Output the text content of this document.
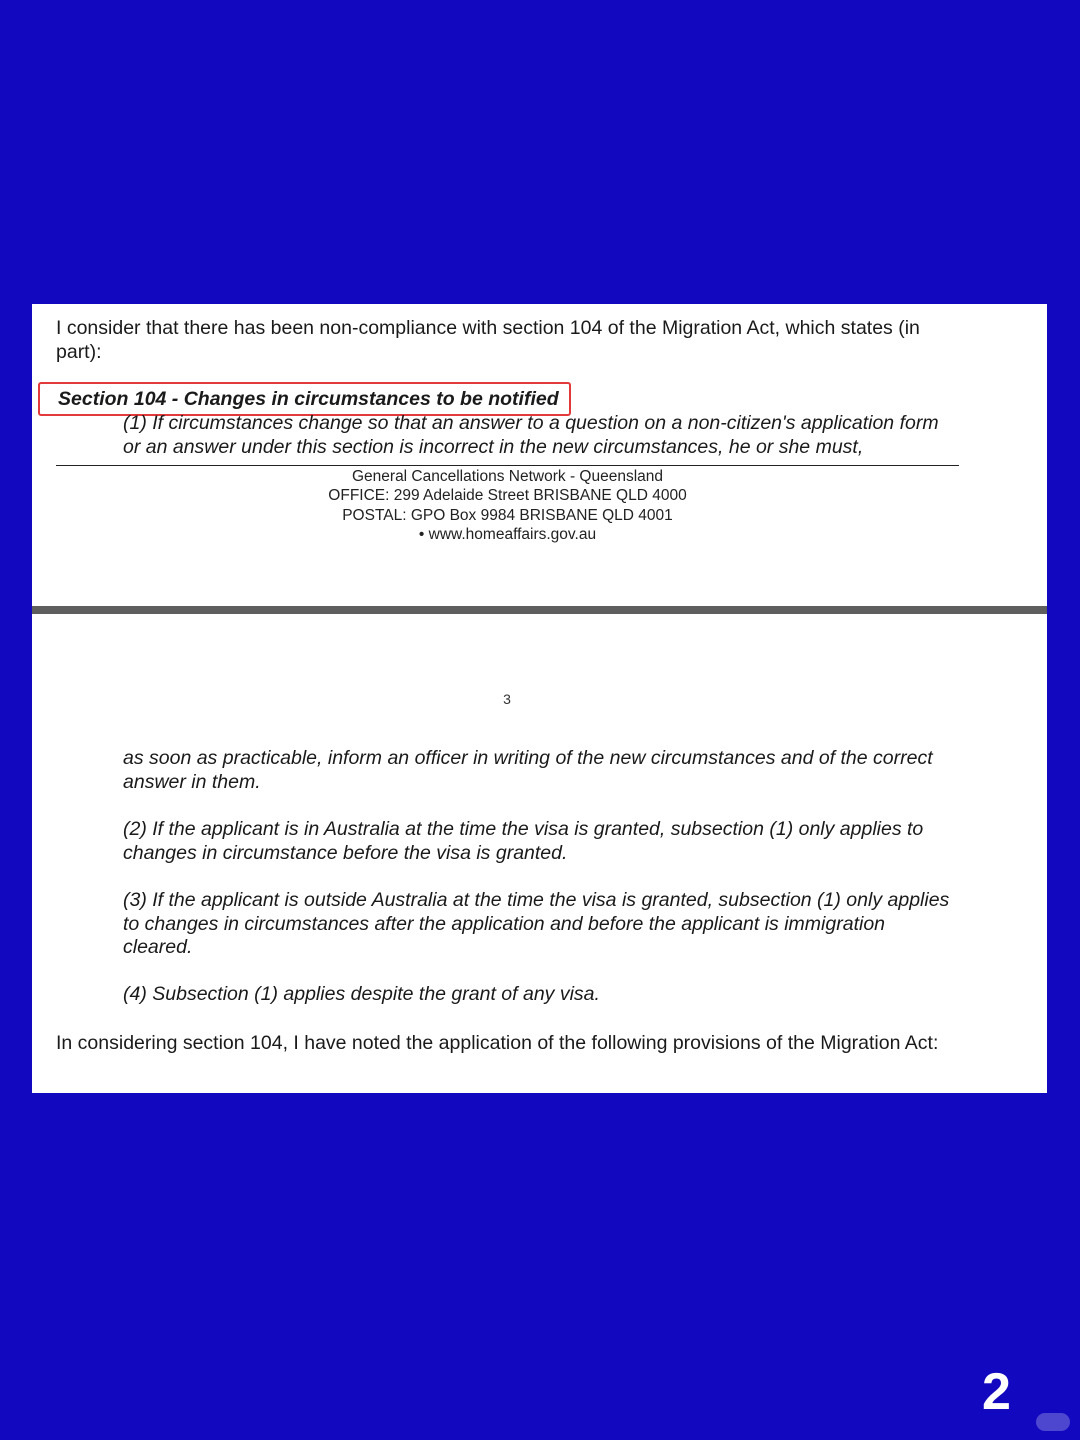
I consider that there has been non-compliance with section 104 of the Migration Act, which states (in part):

Section 104 - Changes in circumstances to be notified

(1) If circumstances change so that an answer to a question on a non-citizen's application form or an answer under this section is incorrect in the new circumstances, he or she must,

General Cancellations Network - Queensland
OFFICE: 299 Adelaide Street BRISBANE QLD 4000
POSTAL: GPO Box 9984 BRISBANE QLD 4001
• www.homeaffairs.gov.au
3

as soon as practicable, inform an officer in writing of the new circumstances and of the correct answer in them.

(2) If the applicant is in Australia at the time the visa is granted, subsection (1) only applies to changes in circumstance before the visa is granted.

(3) If the applicant is outside Australia at the time the visa is granted, subsection (1) only applies to changes in circumstances after the application and before the applicant is immigration cleared.

(4) Subsection (1) applies despite the grant of any visa.

In considering section 104, I have noted the application of the following provisions of the Migration Act:

2
